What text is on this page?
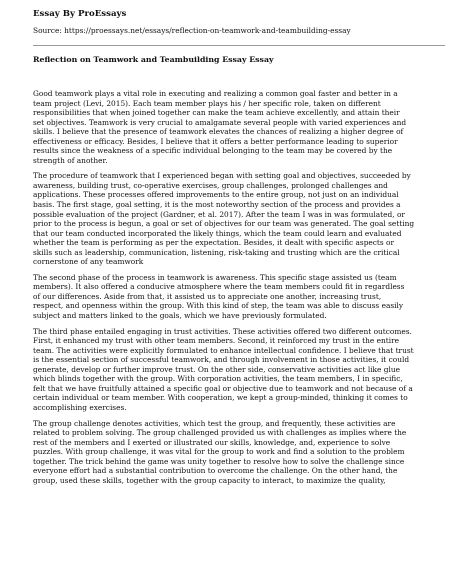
Essay By ProEssays
Source: https://proessays.net/essays/reflection-on-teamwork-and-teambuilding-essay
Reflection on Teamwork and Teambuilding Essay Essay
Good teamwork plays a vital role in executing and realizing a common goal faster and better in a
team project (Levi, 2015). Each team member plays his / her specific role, taken on different
responsibilities that when joined together can make the team achieve excellently, and attain their
set objectives. Teamwork is very crucial to amalgamate several people with varied experiences and
skills. I believe that the presence of teamwork elevates the chances of realizing a higher degree of
effectiveness or efficacy. Besides, I believe that it offers a better performance leading to superior
results since the weakness of a specific individual belonging to the team may be covered by the
strength of another.
The procedure of teamwork that I experienced began with setting goal and objectives, succeeded by
awareness, building trust, co-operative exercises, group challenges, prolonged challenges and
applications. These processes offered improvements to the entire group, not just on an individual
basis. The first stage, goal setting, it is the most noteworthy section of the process and provides a
possible evaluation of the project (Gardner, et al. 2017). After the team I was in was formulated, or
prior to the process is begun, a goal or set of objectives for our team was generated. The goal setting
that our team conducted incorporated the likely things, which the team could learn and evaluated
whether the team is performing as per the expectation. Besides, it dealt with specific aspects or
skills such as leadership, communication, listening, risk-taking and trusting which are the critical
cornerstone of any teamwork
The second phase of the process in teamwork is awareness. This specific stage assisted us (team
members). It also offered a conducive atmosphere where the team members could fit in regardless
of our differences. Aside from that, it assisted us to appreciate one another, increasing trust,
respect, and openness within the group. With this kind of step, the team was able to discuss easily
subject and matters linked to the goals, which we have previously formulated.
The third phase entailed engaging in trust activities. These activities offered two different outcomes.
First, it enhanced my trust with other team members. Second, it reinforced my trust in the entire
team. The activities were explicitly formulated to enhance intellectual confidence. I believe that trust
is the essential section of successful teamwork, and through involvement in those activities, it could
generate, develop or further improve trust. On the other side, conservative activities act like glue
which blinds together with the group. With corporation activities, the team members, I in specific,
felt that we have fruitfully attained a specific goal or objective due to teamwork and not because of a
certain individual or team member. With cooperation, we kept a group-minded, thinking it comes to
accomplishing exercises.
The group challenge denotes activities, which test the group, and frequently, these activities are
related to problem solving. The group challenged provided us with challenges as implies where the
rest of the members and I exerted or illustrated our skills, knowledge, and, experience to solve
puzzles. With group challenge, it was vital for the group to work and find a solution to the problem
together. The trick behind the game was unity together to resolve how to solve the challenge since
everyone effort had a substantial contribution to overcome the challenge. On the other hand, the
group, used these skills, together with the group capacity to interact, to maximize the quality,
